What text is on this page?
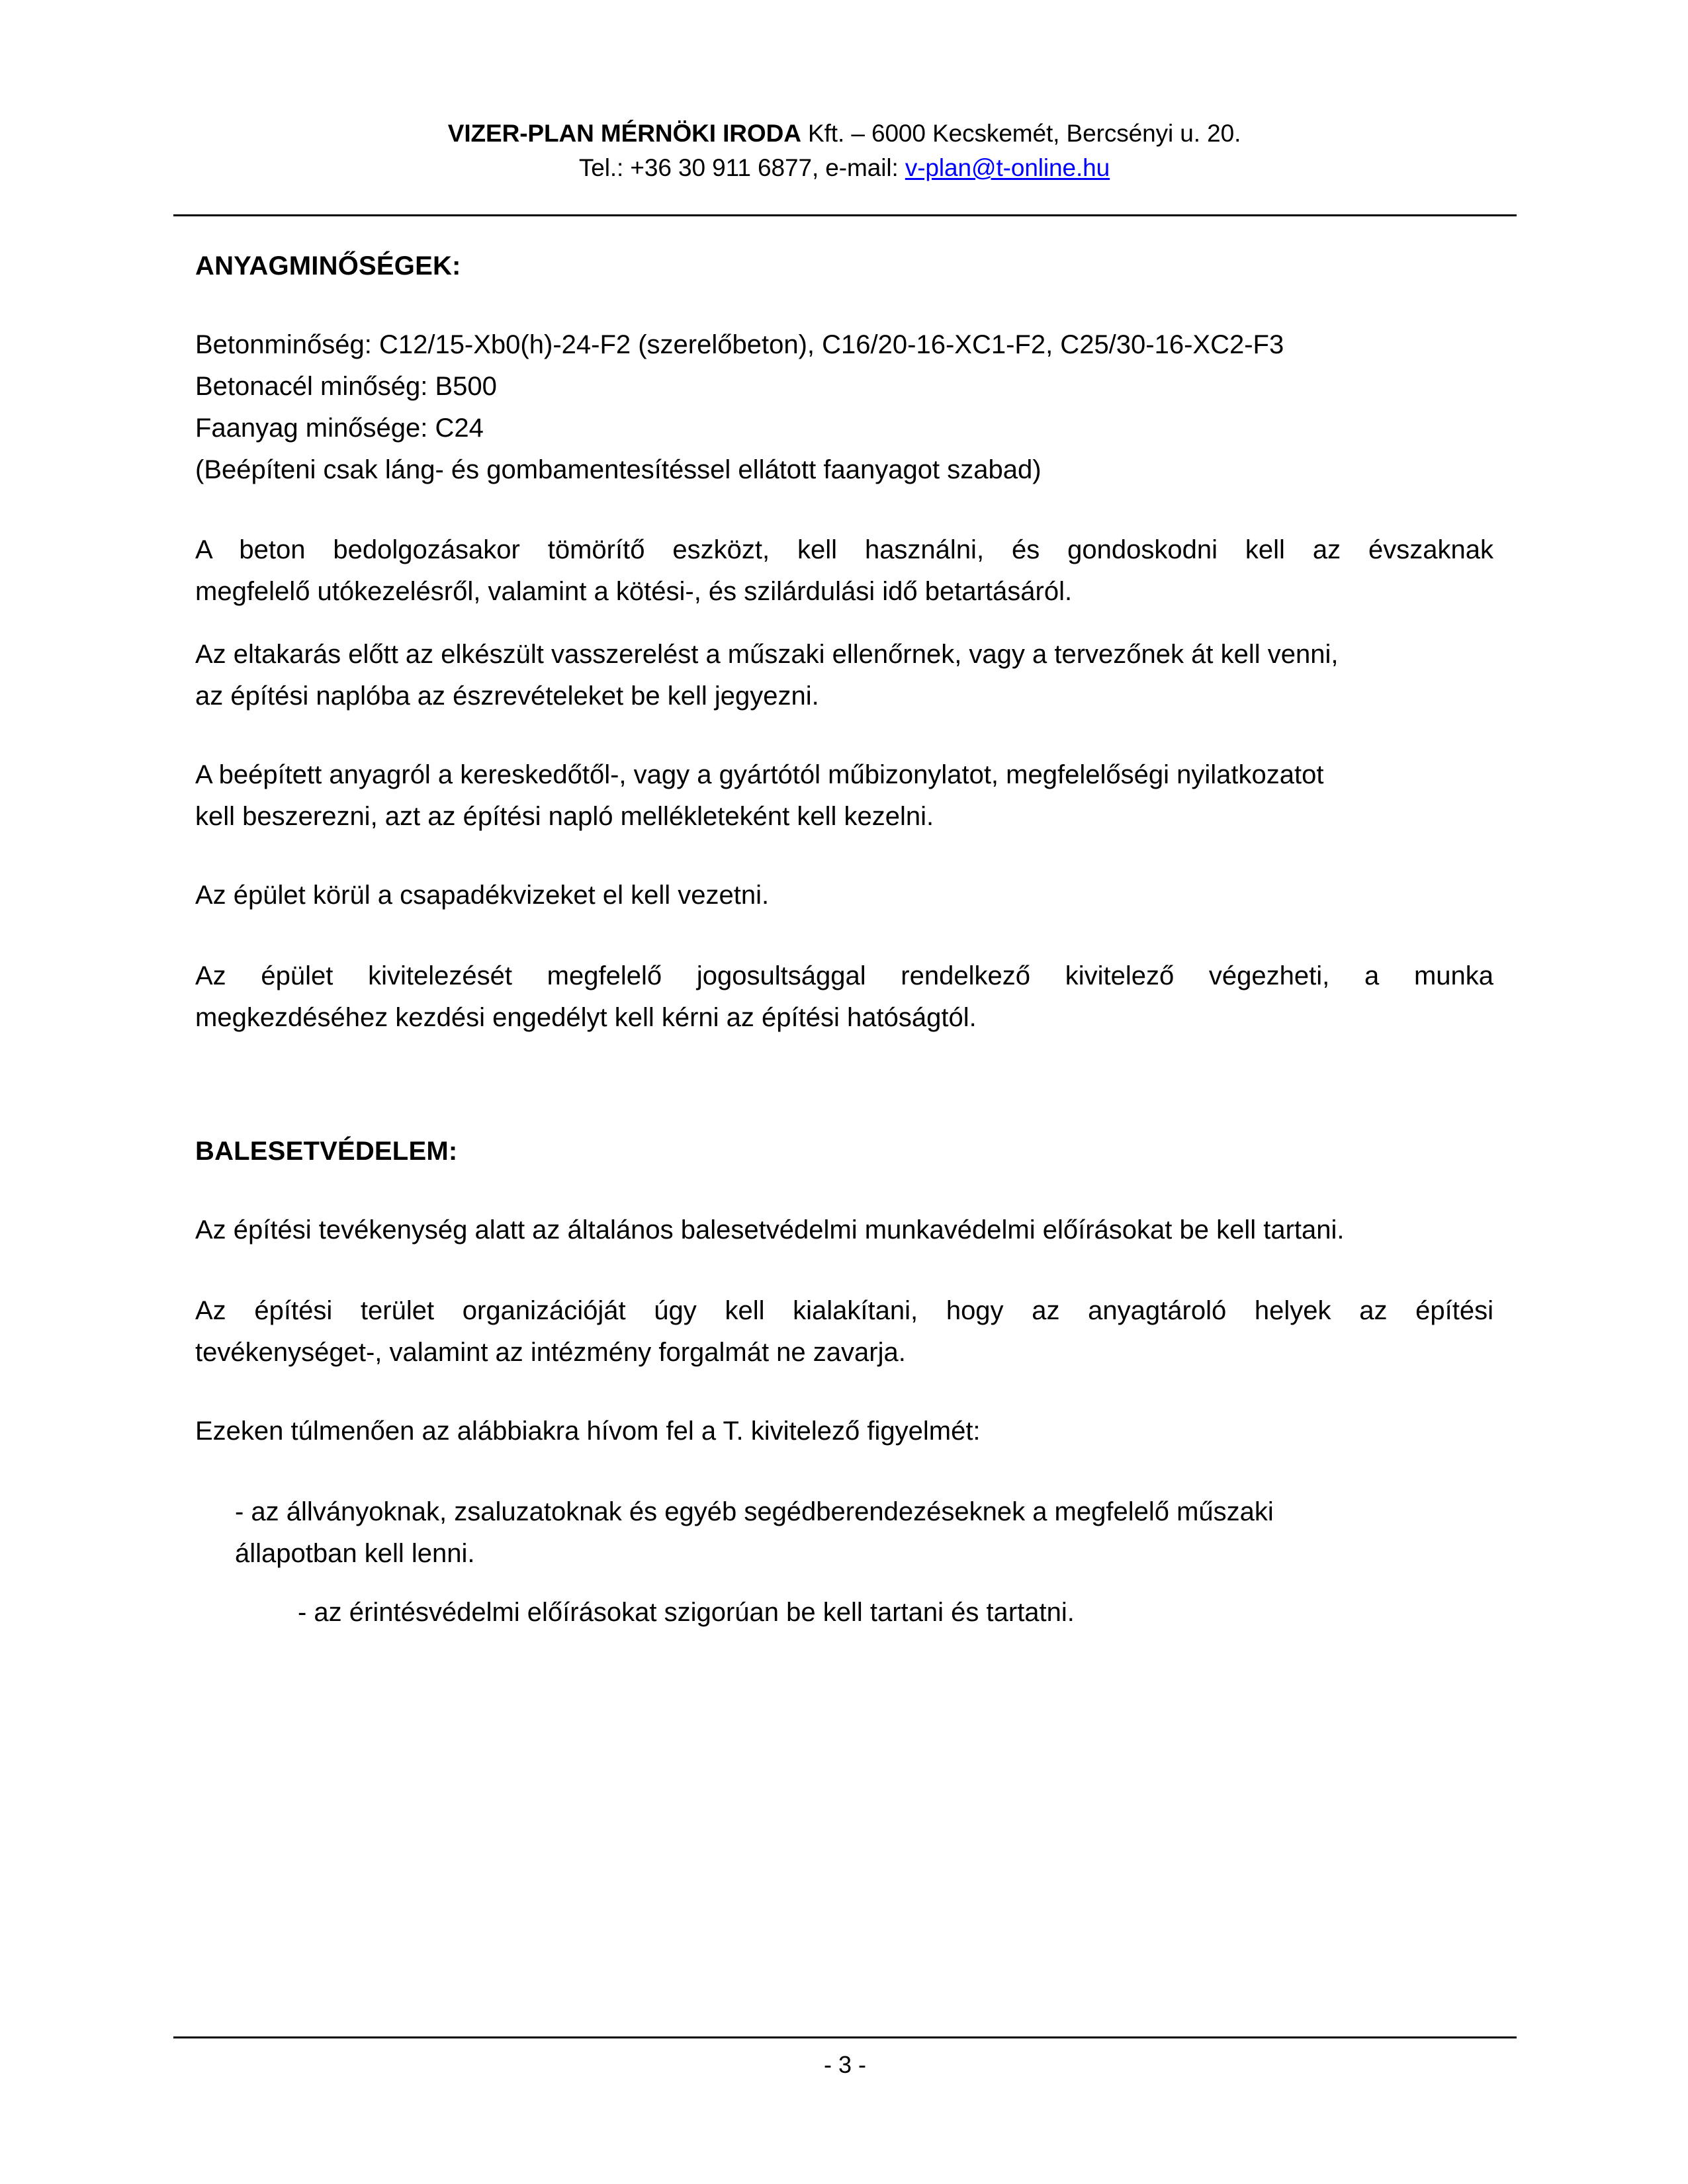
VIZER-PLAN MÉRNÖKI IRODA Kft. – 6000 Kecskemét, Bercsényi u. 20.
Tel.: +36 30 911 6877, e-mail: v-plan@t-online.hu
ANYAGMINŐSÉGEK:
Betonminőség: C12/15-Xb0(h)-24-F2 (szerelőbeton), C16/20-16-XC1-F2, C25/30-16-XC2-F3
Betonacél minőség: B500
Faanyag minősége: C24
(Beépíteni csak láng- és gombamentesítéssel ellátott faanyagot szabad)
A beton bedolgozásakor tömörítő eszközt, kell használni, és gondoskodni kell az évszaknak
megfelelő utókezelésről, valamint a kötési-, és szilárdulási idő betartásáról.
Az eltakarás előtt az elkészült vasszerelést a műszaki ellenőrnek, vagy a tervezőnek át kell venni,
az építési naplóba az észrevételeket be kell jegyezni.
A beépített anyagról a kereskedőtől-, vagy a gyártótól műbizonylatot, megfelelőségi nyilatkozatot
kell beszerezni, azt az építési napló mellékleteként kell kezelni.
Az épület körül a csapadékvizeket el kell vezetni.
Az épület kivitelezését megfelelő jogosultsággal rendelkező kivitelező végezheti, a munka
megkezdéséhez kezdési engedélyt kell kérni az építési hatóságtól.
BALESETVÉDELEM:
Az építési tevékenység alatt az általános balesetvédelmi munkavédelmi előírásokat be kell tartani.
Az építési terület organizációját úgy kell kialakítani, hogy az anyagtároló helyek az építési
tevékenységet-, valamint az intézmény forgalmát ne zavarja.
Ezeken túlmenően az alábbiakra hívom fel a T. kivitelező figyelmét:
- az állványoknak, zsaluzatoknak és egyéb segédberendezéseknek a megfelelő műszaki
állapotban kell lenni.
- az érintésvédelmi előírásokat szigorúan be kell tartani és tartatni.
- 3 -
